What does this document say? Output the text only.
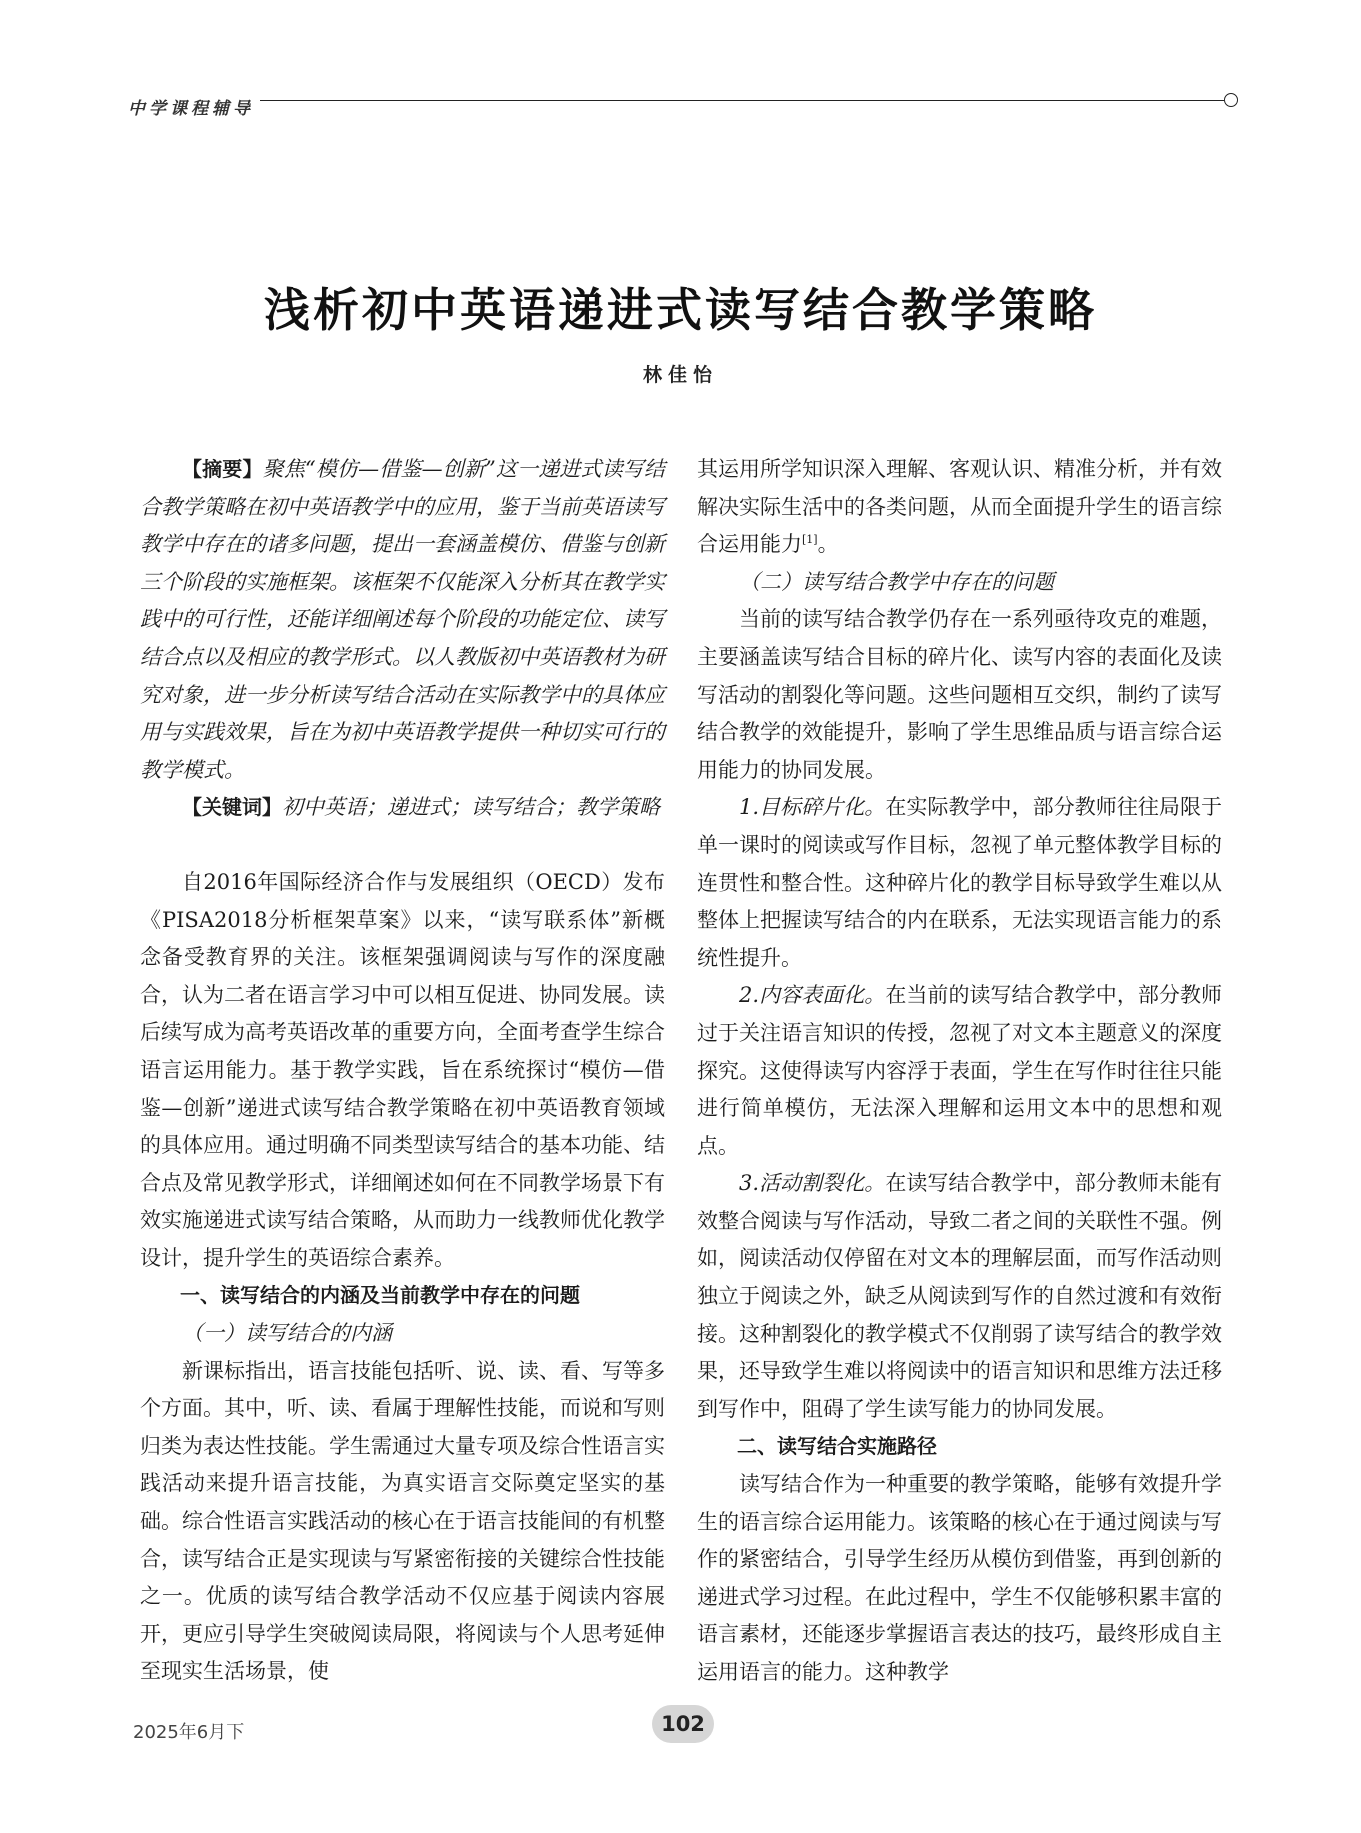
中学课程辅导
浅析初中英语递进式读写结合教学策略
林佳怡

【摘要】聚焦“模仿—借鉴—创新”这一递进式读写结合教学策略在初中英语教学中的应用，鉴于当前英语读写教学中存在的诸多问题，提出一套涵盖模仿、借鉴与创新三个阶段的实施框架。该框架不仅能深入分析其在教学实践中的可行性，还能详细阐述每个阶段的功能定位、读写结合点以及相应的教学形式。以人教版初中英语教材为研究对象，进一步分析读写结合活动在实际教学中的具体应用与实践效果，旨在为初中英语教学提供一种切实可行的教学模式。

【关键词】初中英语；递进式；读写结合；教学策略

自2016年国际经济合作与发展组织（OECD）发布《PISA2018分析框架草案》以来，“读写联系体”新概念备受教育界的关注。该框架强调阅读与写作的深度融合，认为二者在语言学习中可以相互促进、协同发展。读后续写成为高考英语改革的重要方向，全面考查学生综合语言运用能力。基于教学实践，旨在系统探讨“模仿—借鉴—创新”递进式读写结合教学策略在初中英语教育领域的具体应用。通过明确不同类型读写结合的基本功能、结合点及常见教学形式，详细阐述如何在不同教学场景下有效实施递进式读写结合策略，从而助力一线教师优化教学设计，提升学生的英语综合素养。

一、读写结合的内涵及当前教学中存在的问题

（一）读写结合的内涵

新课标指出，语言技能包括听、说、读、看、写等多个方面。其中，听、读、看属于理解性技能，而说和写则归类为表达性技能。学生需通过大量专项及综合性语言实践活动来提升语言技能，为真实语言交际奠定坚实的基础。综合性语言实践活动的核心在于语言技能间的有机整合，读写结合正是实现读与写紧密衔接的关键综合性技能之一。优质的读写结合教学活动不仅应基于阅读内容展开，更应引导学生突破阅读局限，将阅读与个人思考延伸至现实生活场景，使

其运用所学知识深入理解、客观认识、精准分析，并有效解决实际生活中的各类问题，从而全面提升学生的语言综合运用能力[1]。

（二）读写结合教学中存在的问题

当前的读写结合教学仍存在一系列亟待攻克的难题，主要涵盖读写结合目标的碎片化、读写内容的表面化及读写活动的割裂化等问题。这些问题相互交织，制约了读写结合教学的效能提升，影响了学生思维品质与语言综合运用能力的协同发展。

1.目标碎片化。在实际教学中，部分教师往往局限于单一课时的阅读或写作目标，忽视了单元整体教学目标的连贯性和整合性。这种碎片化的教学目标导致学生难以从整体上把握读写结合的内在联系，无法实现语言能力的系统性提升。

2.内容表面化。在当前的读写结合教学中，部分教师过于关注语言知识的传授，忽视了对文本主题意义的深度探究。这使得读写内容浮于表面，学生在写作时往往只能进行简单模仿，无法深入理解和运用文本中的思想和观点。

3.活动割裂化。在读写结合教学中，部分教师未能有效整合阅读与写作活动，导致二者之间的关联性不强。例如，阅读活动仅停留在对文本的理解层面，而写作活动则独立于阅读之外，缺乏从阅读到写作的自然过渡和有效衔接。这种割裂化的教学模式不仅削弱了读写结合的教学效果，还导致学生难以将阅读中的语言知识和思维方法迁移到写作中，阻碍了学生读写能力的协同发展。

二、读写结合实施路径

读写结合作为一种重要的教学策略，能够有效提升学生的语言综合运用能力。该策略的核心在于通过阅读与写作的紧密结合，引导学生经历从模仿到借鉴，再到创新的递进式学习过程。在此过程中，学生不仅能够积累丰富的语言素材，还能逐步掌握语言表达的技巧，最终形成自主运用语言的能力。这种教学

2025年6月下	102
